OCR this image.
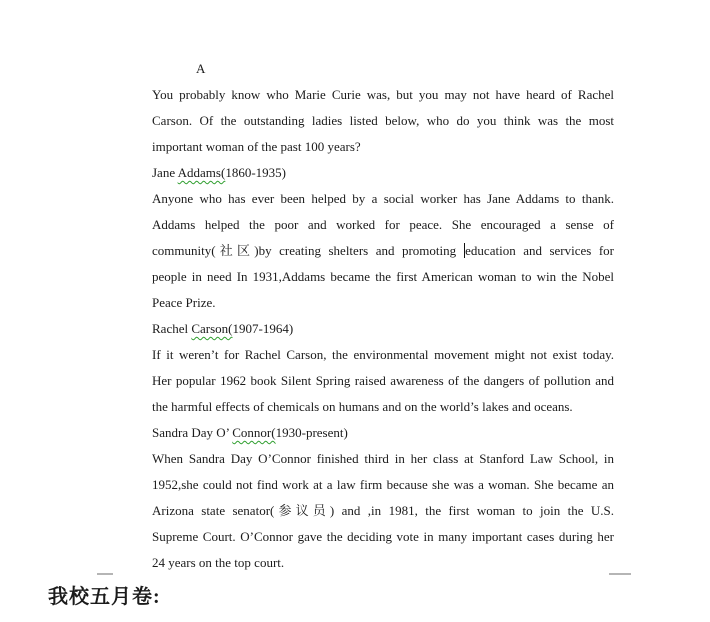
A
You probably know who Marie Curie was, but you may not have heard of Rachel
Carson. Of the outstanding ladies listed below, who do you think was the most
important woman of the past 100 years?
Jane Addams(1860-1935)
Anyone who has ever been helped by a social worker has Jane Addams to thank.
Addams helped the poor and worked for peace. She encouraged a sense of
community(社区)by creating shelters and promoting education and services for
people in need In 1931,Addams became the first American woman to win the Nobel
Peace Prize.
Rachel Carson(1907-1964)
If it weren’t for Rachel Carson, the environmental movement might not exist today.
Her popular 1962 book Silent Spring raised awareness of the dangers of pollution and
the harmful effects of chemicals on humans and on the world’s lakes and oceans.
Sandra Day O’ Connor(1930-present)
When Sandra Day O’Connor finished third in her class at Stanford Law School, in
1952,she could not find work at a law firm because she was a woman. She became an
Arizona state senator(参议员) and ,in 1981, the first woman to join the U.S.
Supreme Court. O’Connor gave the deciding vote in many important cases during her
24 years on the top court.
我校五月卷:
